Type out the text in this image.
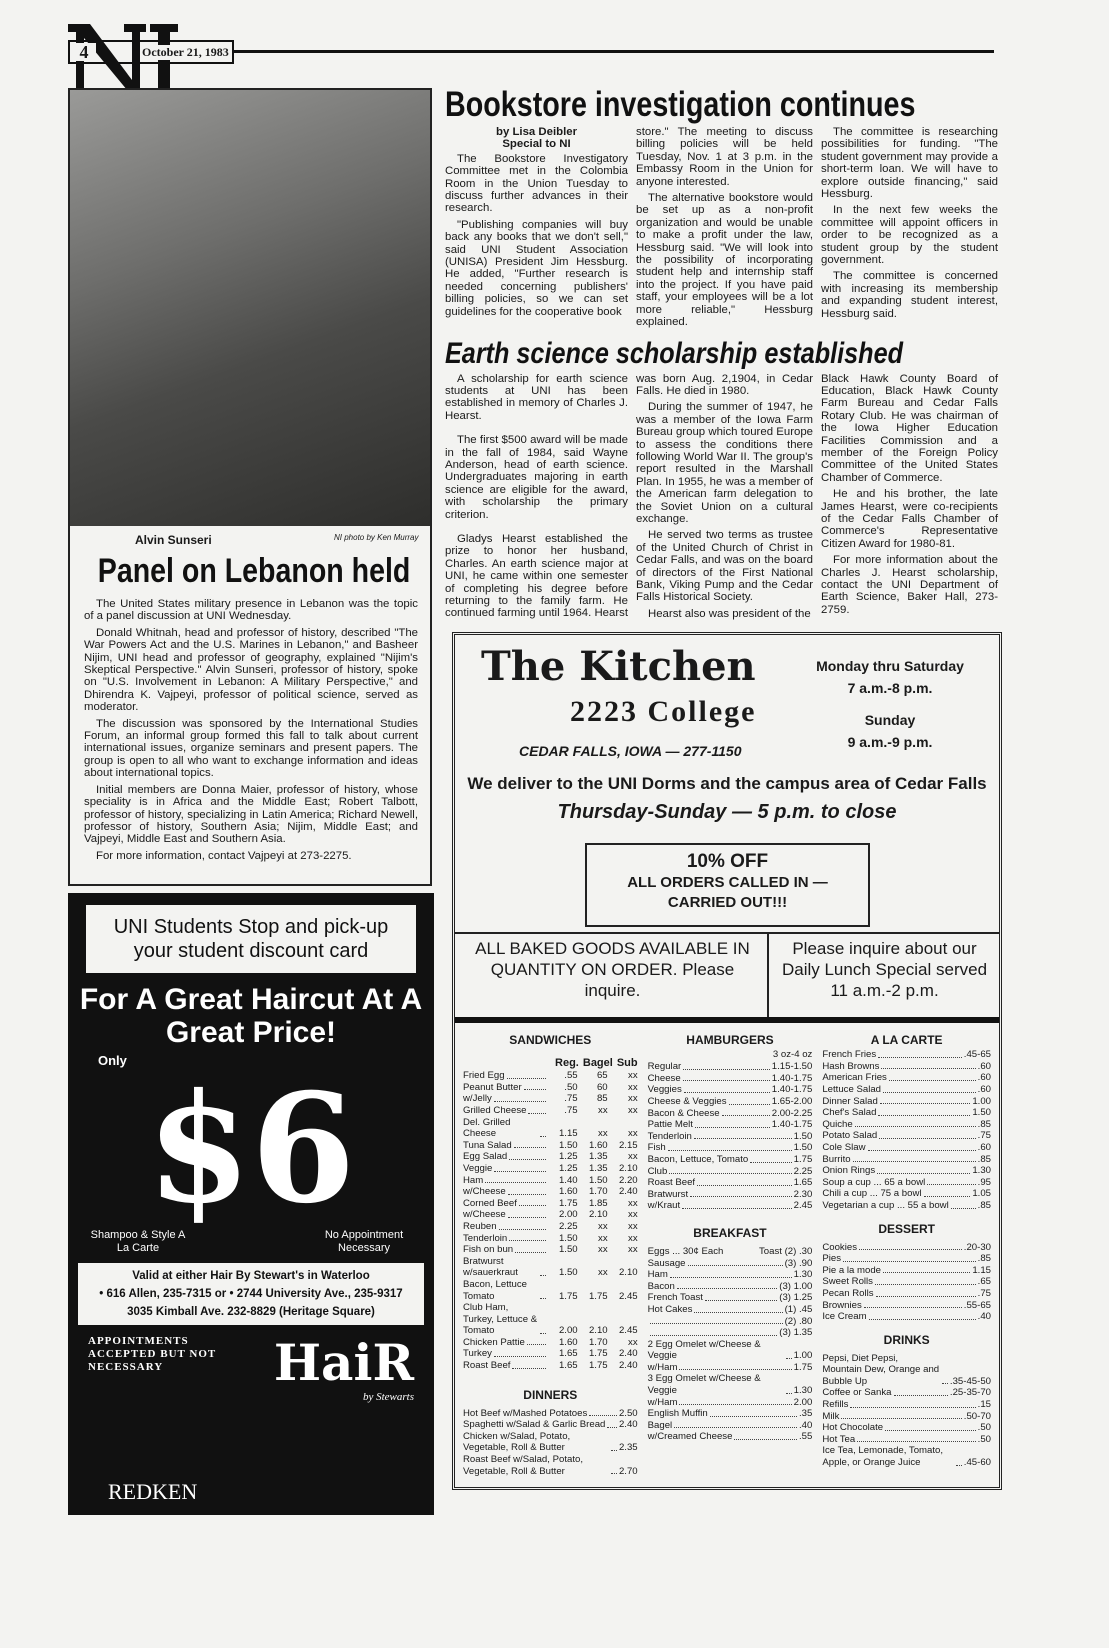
4	October 21, 1983
Alvin Sunseri	NI photo by Ken Murray
Panel on Lebanon held

The United States military presence in Lebanon was the topic of a panel discussion at UNI Wednesday.

Donald Whitnah, head and professor of history, described "The War Powers Act and the U.S. Marines in Lebanon," and Basheer Nijim, UNI head and professor of geography, explained "Nijim's Skeptical Perspective." Alvin Sunseri, professor of history, spoke on "U.S. Involvement in Lebanon: A Military Perspective," and Dhirendra K. Vajpeyi, professor of political science, served as moderator.

The discussion was sponsored by the International Studies Forum, an informal group formed this fall to talk about current international issues, organize seminars and present papers. The group is open to all who want to exchange information and ideas about international topics.

Initial members are Donna Maier, professor of history, whose speciality is in Africa and the Middle East; Robert Talbott, professor of history, specializing in Latin America; Richard Newell, professor of history, Southern Asia; Nijim, Middle East; and Vajpeyi, Middle East and Southern Asia.

For more information, contact Vajpeyi at 273-2275.

UNI Students Stop and pick-up your student discount card
For A Great Haircut At A Great Price!
Only
$6
Shampoo & Style A La Carte
No Appointment Necessary
Valid at either Hair By Stewart's in Waterloo
• 616 Allen, 235-7315 or • 2744 University Ave., 235-9317
3035 Kimball Ave. 232-8829 (Heritage Square)
APPOINTMENTS ACCEPTED BUT NOT NECESSARY
REDKEN
HaiR
by Stewarts
Bookstore investigation continues
by Lisa Deibler
Special to NI

The Bookstore Investigatory Committee met in the Colombia Room in the Union Tuesday to discuss further advances in their research.

"Publishing companies will buy back any books that we don't sell," said UNI Student Association (UNISA) President Jim Hessburg. He added, "Further research is needed concerning publishers' billing policies, so we can set guidelines for the cooperative book

store." The meeting to discuss billing policies will be held Tuesday, Nov. 1 at 3 p.m. in the Embassy Room in the Union for anyone interested.

The alternative bookstore would be set up as a non-profit organization and would be unable to make a profit under the law, Hessburg said. "We will look into the possibility of incorporating student help and internship staff into the project. If you have paid staff, your employees will be a lot more reliable," Hessburg explained.

The committee is researching possibilities for funding. "The student government may provide a short-term loan. We will have to explore outside financing," said Hessburg.

In the next few weeks the committee will appoint officers in order to be recognized as a student group by the student government.

The committee is concerned with increasing its membership and expanding student interest, Hessburg said.

Earth science scholarship established

A scholarship for earth science students at UNI has been established in memory of Charles J. Hearst.

The first $500 award will be made in the fall of 1984, said Wayne Anderson, head of earth science. Undergraduates majoring in earth science are eligible for the award, with scholarship the primary criterion.

Gladys Hearst established the prize to honor her husband, Charles. An earth science major at UNI, he came within one semester of completing his degree before returning to the family farm. He continued farming until 1964. Hearst

was born Aug. 2,1904, in Cedar Falls. He died in 1980.

During the summer of 1947, he was a member of the Iowa Farm Bureau group which toured Europe to assess the conditions there following World War II. The group's report resulted in the Marshall Plan. In 1955, he was a member of the American farm delegation to the Soviet Union on a cultural exchange.

He served two terms as trustee of the United Church of Christ in Cedar Falls, and was on the board of directors of the First National Bank, Viking Pump and the Cedar Falls Historical Society.

Hearst also was president of the

Black Hawk County Board of Education, Black Hawk County Farm Bureau and Cedar Falls Rotary Club. He was chairman of the Iowa Higher Education Facilities Commission and a member of the Foreign Policy Committee of the United States Chamber of Commerce.

He and his brother, the late James Hearst, were co-recipients of the Cedar Falls Chamber of Commerce's Representative Citizen Award for 1980-81.

For more information about the Charles J. Hearst scholarship, contact the UNI Department of Earth Science, Baker Hall, 273-2759.

The Kitchen
2223 College
CEDAR FALLS, IOWA — 277-1150
Monday thru Saturday
7 a.m.-8 p.m.
Sunday
9 a.m.-9 p.m.
We deliver to the UNI Dorms and the campus area of Cedar Falls
Thursday-Sunday — 5 p.m. to close
10% OFF
ALL ORDERS CALLED IN — CARRIED OUT!!!
ALL BAKED GOODS AVAILABLE IN QUANTITY ON ORDER. Please inquire.
Please inquire about our Daily Lunch Special served 11 a.m.-2 p.m.
SANDWICHES
Reg. Bagel Sub
Fried Egg	.55	65	xx
Peanut Butter	.50	60	xx
w/Jelly	.75	85	xx
Grilled Cheese	.75	xx	xx
Del. Grilled Cheese	1.15	xx	xx
Tuna Salad	1.50	1.60	2.15
Egg Salad	1.25	1.35	xx
Veggie	1.25	1.35	2.10
Ham	1.40	1.50	2.20
w/Cheese	1.60	1.70	2.40
Corned Beef	1.75	1.85	xx
w/Cheese	2.00	2.10	xx
Reuben	2.25	xx	xx
Tenderloin	1.50	xx	xx
Fish on bun	1.50	xx	xx
Bratwurst w/sauerkraut	1.50	xx	2.10
Bacon, Lettuce Tomato	1.75	1.75	2.45
Club Ham, Turkey, Lettuce & Tomato	2.00	2.10	2.45
Chicken Pattie	1.60	1.70	xx
Turkey	1.65	1.75	2.40
Roast Beef	1.65	1.75	2.40
DINNERS
Hot Beef w/Mashed Potatoes	2.50
Spaghetti w/Salad & Garlic Bread 2.40
Chicken w/Salad, Potato, Vegetable, Roll & Butter	2.35
Roast Beef w/Salad, Potato, Vegetable, Roll & Butter	2.70
HAMBURGERS
3 oz-4 oz
Regular	1.15-1.50
Cheese	1.40-1.75
Veggies	1.40-1.75
Cheese & Veggies	1.65-2.00
Bacon & Cheese	2.00-2.25
Pattie Melt	1.40-1.75
Tenderloin	1.50
Fish	1.50
Bacon, Lettuce, Tomato	1.75
Club	2.25
Roast Beef	1.65
Bratwurst	2.30
w/Kraut	2.45
BREAKFAST
Eggs ... 30¢ Each	Toast (2) .30
Sausage	(3) .90
Ham	1.30
Bacon	(3) 1.00
French Toast	(3) 1.25
Hot Cakes	(1) .45
(2) .80
(3) 1.35
2 Egg Omelet w/Cheese & Veggie	1.00
w/Ham	1.75
3 Egg Omelet w/Cheese & Veggie	1.30
w/Ham	2.00
English Muffin	.35
Bagel	.40
w/Creamed Cheese	.55
A LA CARTE
French Fries	.45-65
Hash Browns	.60
American Fries	.60
Lettuce Salad	.60
Dinner Salad	1.00
Chef's Salad	1.50
Quiche	.85
Potato Salad	.75
Cole Slaw	.60
Burrito	.85
Onion Rings	1.30
Soup a cup ... 65 a bowl	.95
Chili a cup ... 75 a bowl	1.05
Vegetarian a cup ... 55 a bowl	.85
DESSERT
Cookies	.20-30
Pies	.85
Pie a la mode	1.15
Sweet Rolls	.65
Pecan Rolls	.75
Brownies	.55-65
Ice Cream	.40
DRINKS
Pepsi, Diet Pepsi, Mountain Dew, Orange and Bubble Up	.35-45-50
Coffee or Sanka	.25-35-70
Refills	.15
Milk	.50-70
Hot Chocolate	.50
Hot Tea	.50
Ice Tea, Lemonade, Tomato, Apple, or Orange Juice	.45-60
